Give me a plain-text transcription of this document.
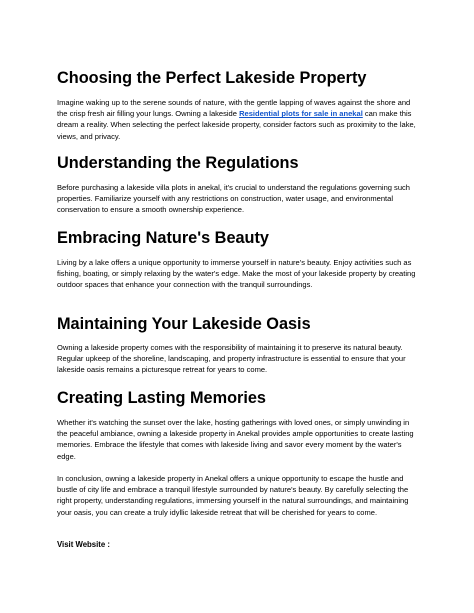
Choosing the Perfect Lakeside Property

Imagine waking up to the serene sounds of nature, with the gentle lapping of waves against the shore and the crisp fresh air filling your lungs. Owning a lakeside Residential plots for sale in anekal can make this dream a reality. When selecting the perfect lakeside property, consider factors such as proximity to the lake, views, and privacy.

Understanding the Regulations

Before purchasing a lakeside villa plots in anekal, it's crucial to understand the regulations governing such properties. Familiarize yourself with any restrictions on construction, water usage, and environmental conservation to ensure a smooth ownership experience.

Embracing Nature's Beauty

Living by a lake offers a unique opportunity to immerse yourself in nature's beauty. Enjoy activities such as fishing, boating, or simply relaxing by the water's edge. Make the most of your lakeside property by creating outdoor spaces that enhance your connection with the tranquil surroundings.

Maintaining Your Lakeside Oasis

Owning a lakeside property comes with the responsibility of maintaining it to preserve its natural beauty. Regular upkeep of the shoreline, landscaping, and property infrastructure is essential to ensure that your lakeside oasis remains a picturesque retreat for years to come.

Creating Lasting Memories

Whether it's watching the sunset over the lake, hosting gatherings with loved ones, or simply unwinding in the peaceful ambiance, owning a lakeside property in Anekal provides ample opportunities to create lasting memories. Embrace the lifestyle that comes with lakeside living and savor every moment by the water's edge.

In conclusion, owning a lakeside property in Anekal offers a unique opportunity to escape the hustle and bustle of city life and embrace a tranquil lifestyle surrounded by nature's beauty. By carefully selecting the right property, understanding regulations, immersing yourself in the natural surroundings, and maintaining your oasis, you can create a truly idyllic lakeside retreat that will be cherished for years to come.

Visit Website :
